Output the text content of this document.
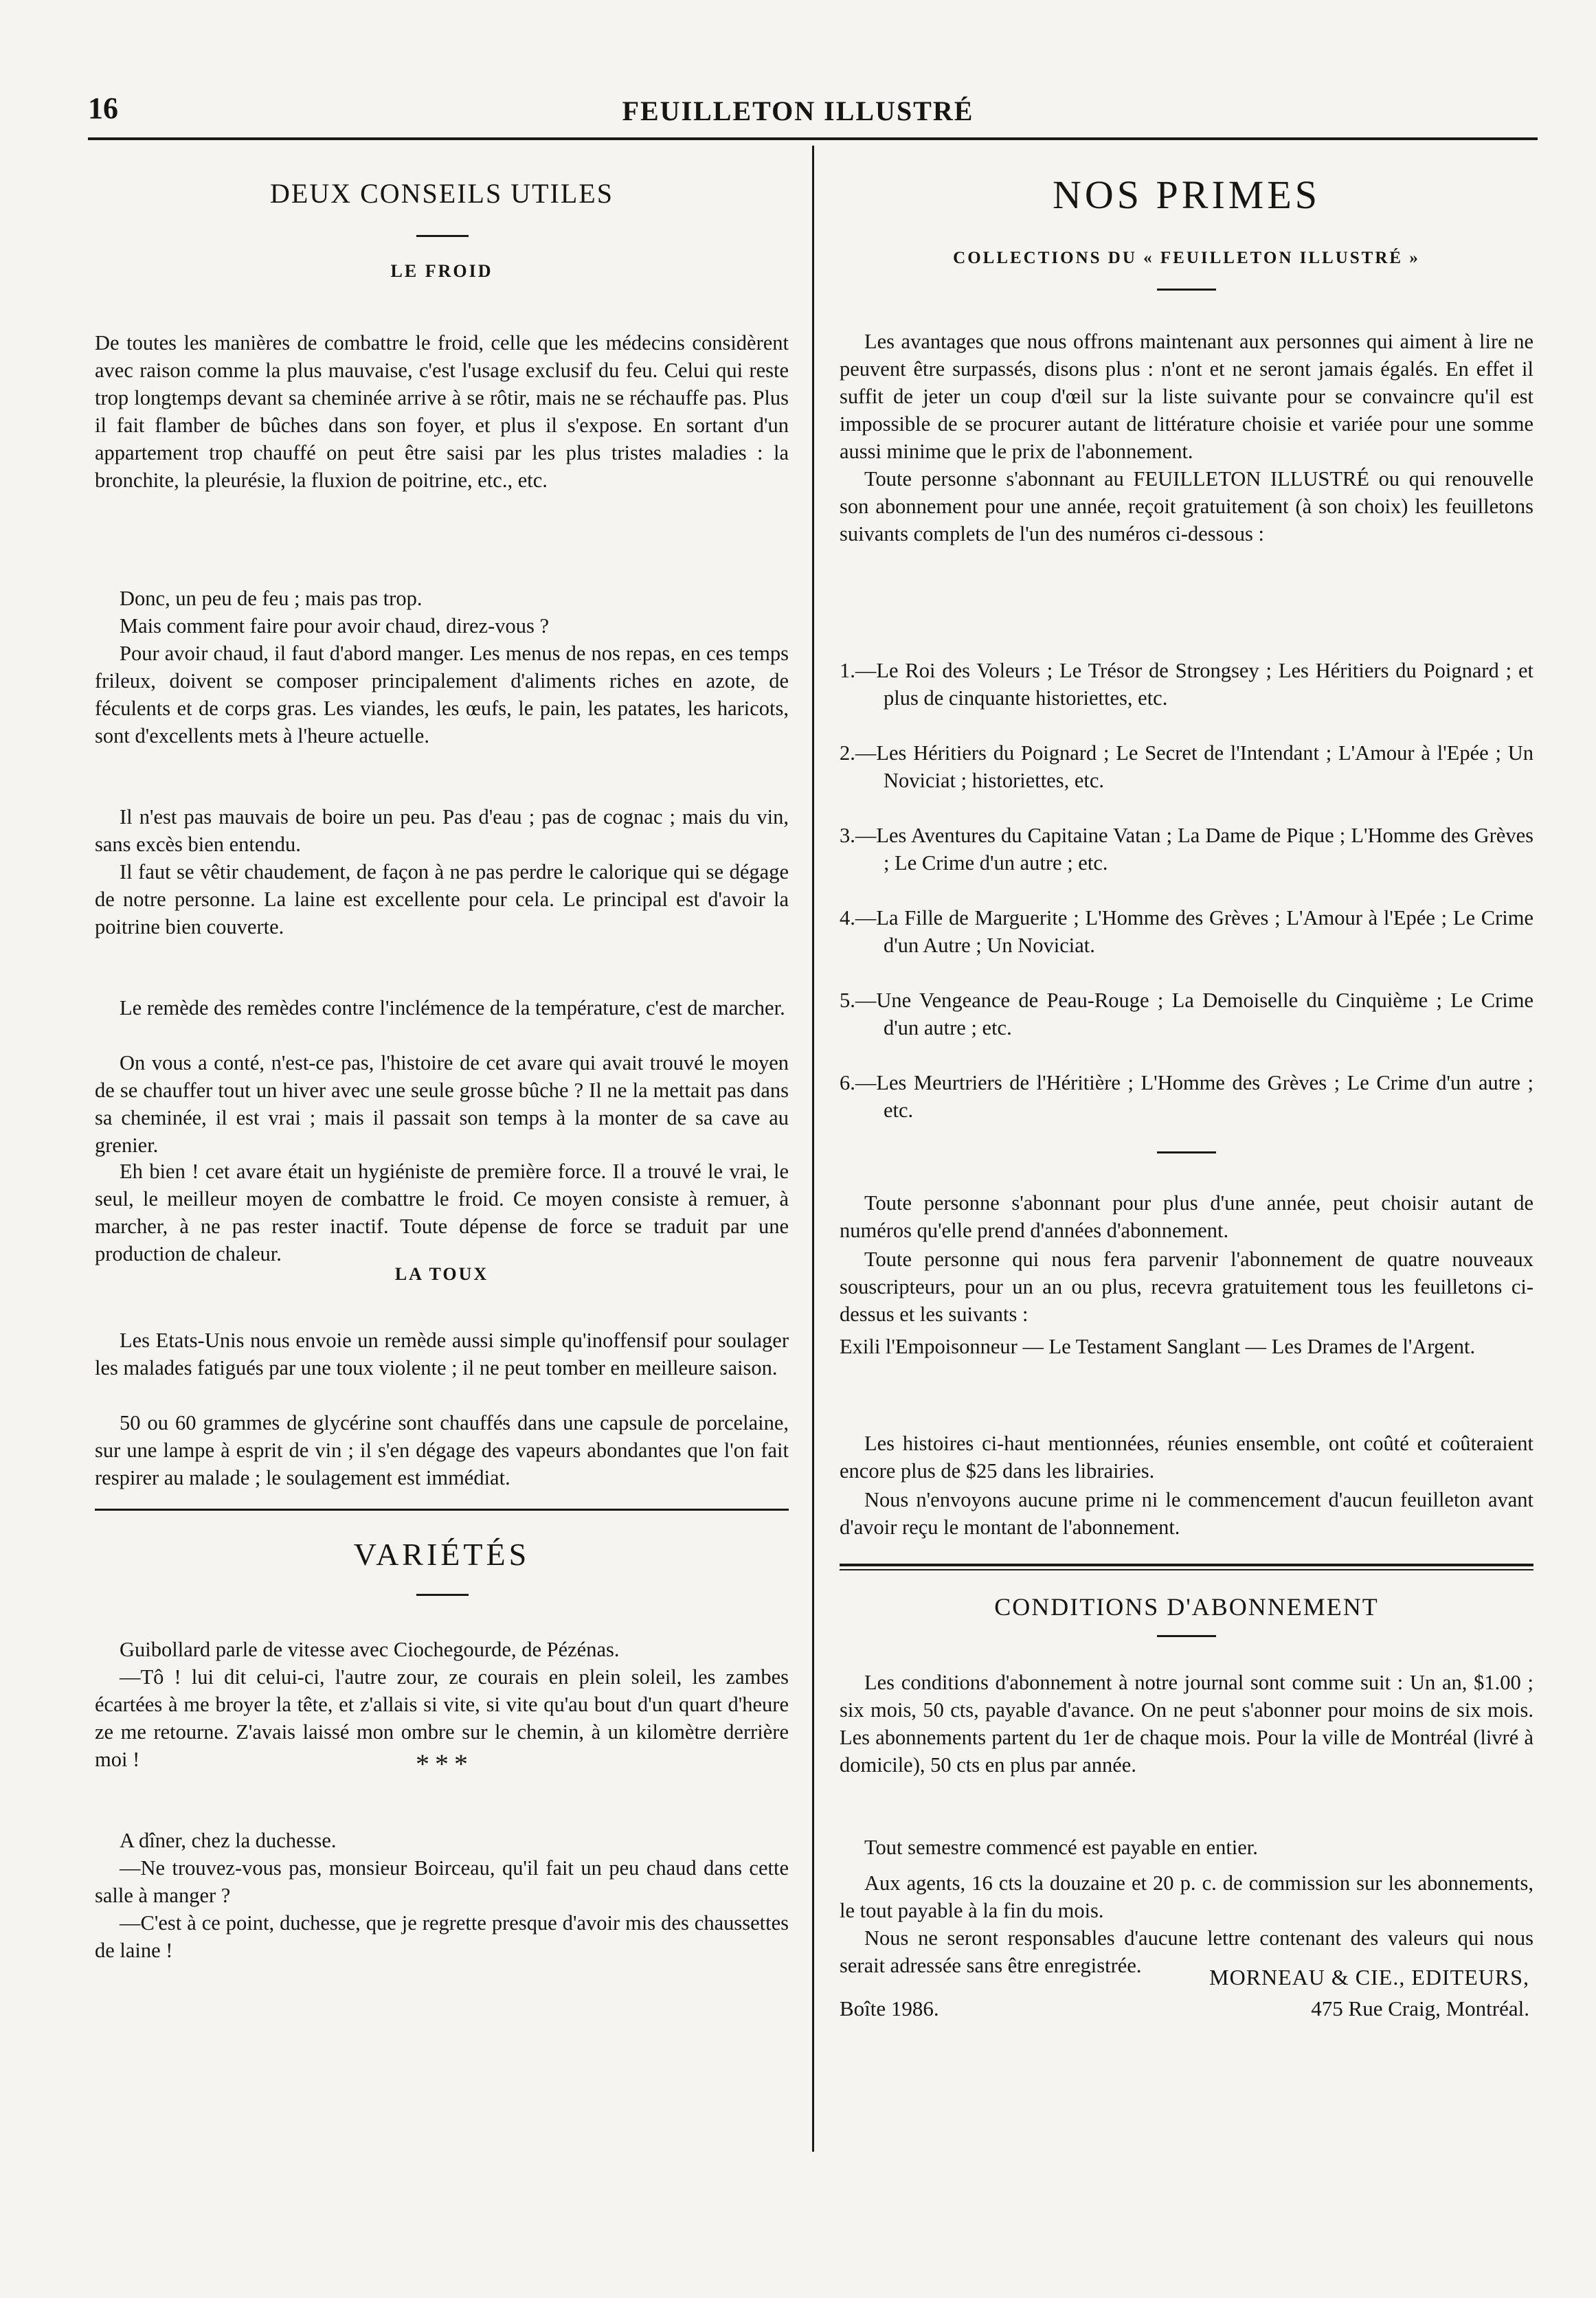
16	FEUILLETON ILLUSTRÉ
DEUX CONSEILS UTILES
LE FROID

De toutes les manières de combattre le froid, celle que les médecins considèrent avec raison comme la plus mauvaise, c'est l'usage exclusif du feu. Celui qui reste trop longtemps devant sa cheminée arrive à se rôtir, mais ne se réchauffe pas. Plus il fait flamber de bûches dans son foyer, et plus il s'expose. En sortant d'un appartement trop chauffé on peut être saisi par les plus tristes maladies : la bronchite, la pleurésie, la fluxion de poitrine, etc., etc.

Donc, un peu de feu ; mais pas trop.

Mais comment faire pour avoir chaud, direz-vous ?

Pour avoir chaud, il faut d'abord manger. Les menus de nos repas, en ces temps frileux, doivent se composer principalement d'aliments riches en azote, de féculents et de corps gras. Les viandes, les œufs, le pain, les patates, les haricots, sont d'excellents mets à l'heure actuelle.

Il n'est pas mauvais de boire un peu. Pas d'eau ; pas de cognac ; mais du vin, sans excès bien entendu.

Il faut se vêtir chaudement, de façon à ne pas perdre le calorique qui se dégage de notre personne. La laine est excellente pour cela. Le principal est d'avoir la poitrine bien couverte.

Le remède des remèdes contre l'inclémence de la température, c'est de marcher.

On vous a conté, n'est-ce pas, l'histoire de cet avare qui avait trouvé le moyen de se chauffer tout un hiver avec une seule grosse bûche ? Il ne la mettait pas dans sa cheminée, il est vrai ; mais il passait son temps à la monter de sa cave au grenier.

Eh bien ! cet avare était un hygiéniste de première force. Il a trouvé le vrai, le seul, le meilleur moyen de combattre le froid. Ce moyen consiste à remuer, à marcher, à ne pas rester inactif. Toute dépense de force se traduit par une production de chaleur.

LA TOUX

Les Etats-Unis nous envoie un remède aussi simple qu'inoffensif pour soulager les malades fatigués par une toux violente ; il ne peut tomber en meilleure saison.

50 ou 60 grammes de glycérine sont chauffés dans une capsule de porcelaine, sur une lampe à esprit de vin ; il s'en dégage des vapeurs abondantes que l'on fait respirer au malade ; le soulagement est immédiat.

VARIÉTÉS

Guibollard parle de vitesse avec Ciochegourde, de Pézénas.

—Tô ! lui dit celui-ci, l'autre zour, ze courais en plein soleil, les zambes écartées à me broyer la tête, et z'allais si vite, si vite qu'au bout d'un quart d'heure ze me retourne. Z'avais laissé mon ombre sur le chemin, à un kilomètre derrière moi !	* * *

A dîner, chez la duchesse.

—Ne trouvez-vous pas, monsieur Boirceau, qu'il fait un peu chaud dans cette salle à manger ?

—C'est à ce point, duchesse, que je regrette presque d'avoir mis des chaussettes de laine !

NOS PRIMES
COLLECTIONS DU « FEUILLETON ILLUSTRÉ »

Les avantages que nous offrons maintenant aux personnes qui aiment à lire ne peuvent être surpassés, disons plus : n'ont et ne seront jamais égalés. En effet il suffit de jeter un coup d'œil sur la liste suivante pour se convaincre qu'il est impossible de se procurer autant de littérature choisie et variée pour une somme aussi minime que le prix de l'abonnement.

Toute personne s'abonnant au FEUILLETON ILLUSTRÉ ou qui renouvelle son abonnement pour une année, reçoit gratuitement (à son choix) les feuilletons suivants complets de l'un des numéros ci-dessous :

1.—Le Roi des Voleurs ; Le Trésor de Strongsey ; Les Héritiers du Poignard ; et plus de cinquante historiettes, etc.
2.—Les Héritiers du Poignard ; Le Secret de l'Intendant ; L'Amour à l'Epée ; Un Noviciat ; historiettes, etc.
3.—Les Aventures du Capitaine Vatan ; La Dame de Pique ; L'Homme des Grèves ; Le Crime d'un autre ; etc.
4.—La Fille de Marguerite ; L'Homme des Grèves ; L'Amour à l'Epée ; Le Crime d'un Autre ; Un Noviciat.
5.—Une Vengeance de Peau-Rouge ; La Demoiselle du Cinquième ; Le Crime d'un autre ; etc.
6.—Les Meurtriers de l'Héritière ; L'Homme des Grèves ; Le Crime d'un autre ; etc.

Toute personne s'abonnant pour plus d'une année, peut choisir autant de numéros qu'elle prend d'années d'abonnement.

Toute personne qui nous fera parvenir l'abonnement de quatre nouveaux souscripteurs, pour un an ou plus, recevra gratuitement tous les feuilletons ci-dessus et les suivants :

Exili l'Empoisonneur — Le Testament Sanglant — Les Drames de l'Argent.

Les histoires ci-haut mentionnées, réunies ensemble, ont coûté et coûteraient encore plus de $25 dans les librairies.

Nous n'envoyons aucune prime ni le commencement d'aucun feuilleton avant d'avoir reçu le montant de l'abonnement.

CONDITIONS D'ABONNEMENT

Les conditions d'abonnement à notre journal sont comme suit : Un an, $1.00 ; six mois, 50 cts, payable d'avance. On ne peut s'abonner pour moins de six mois. Les abonnements partent du 1er de chaque mois. Pour la ville de Montréal (livré à domicile), 50 cts en plus par année.

Tout semestre commencé est payable en entier.

Aux agents, 16 cts la douzaine et 20 p. c. de commission sur les abonnements, le tout payable à la fin du mois.

Nous ne seront responsables d'aucune lettre contenant des valeurs qui nous serait adressée sans être enregistrée.	MORNEAU & CIE., EDITEURS,
Boîte 1986.	475 Rue Craig, Montréal.
